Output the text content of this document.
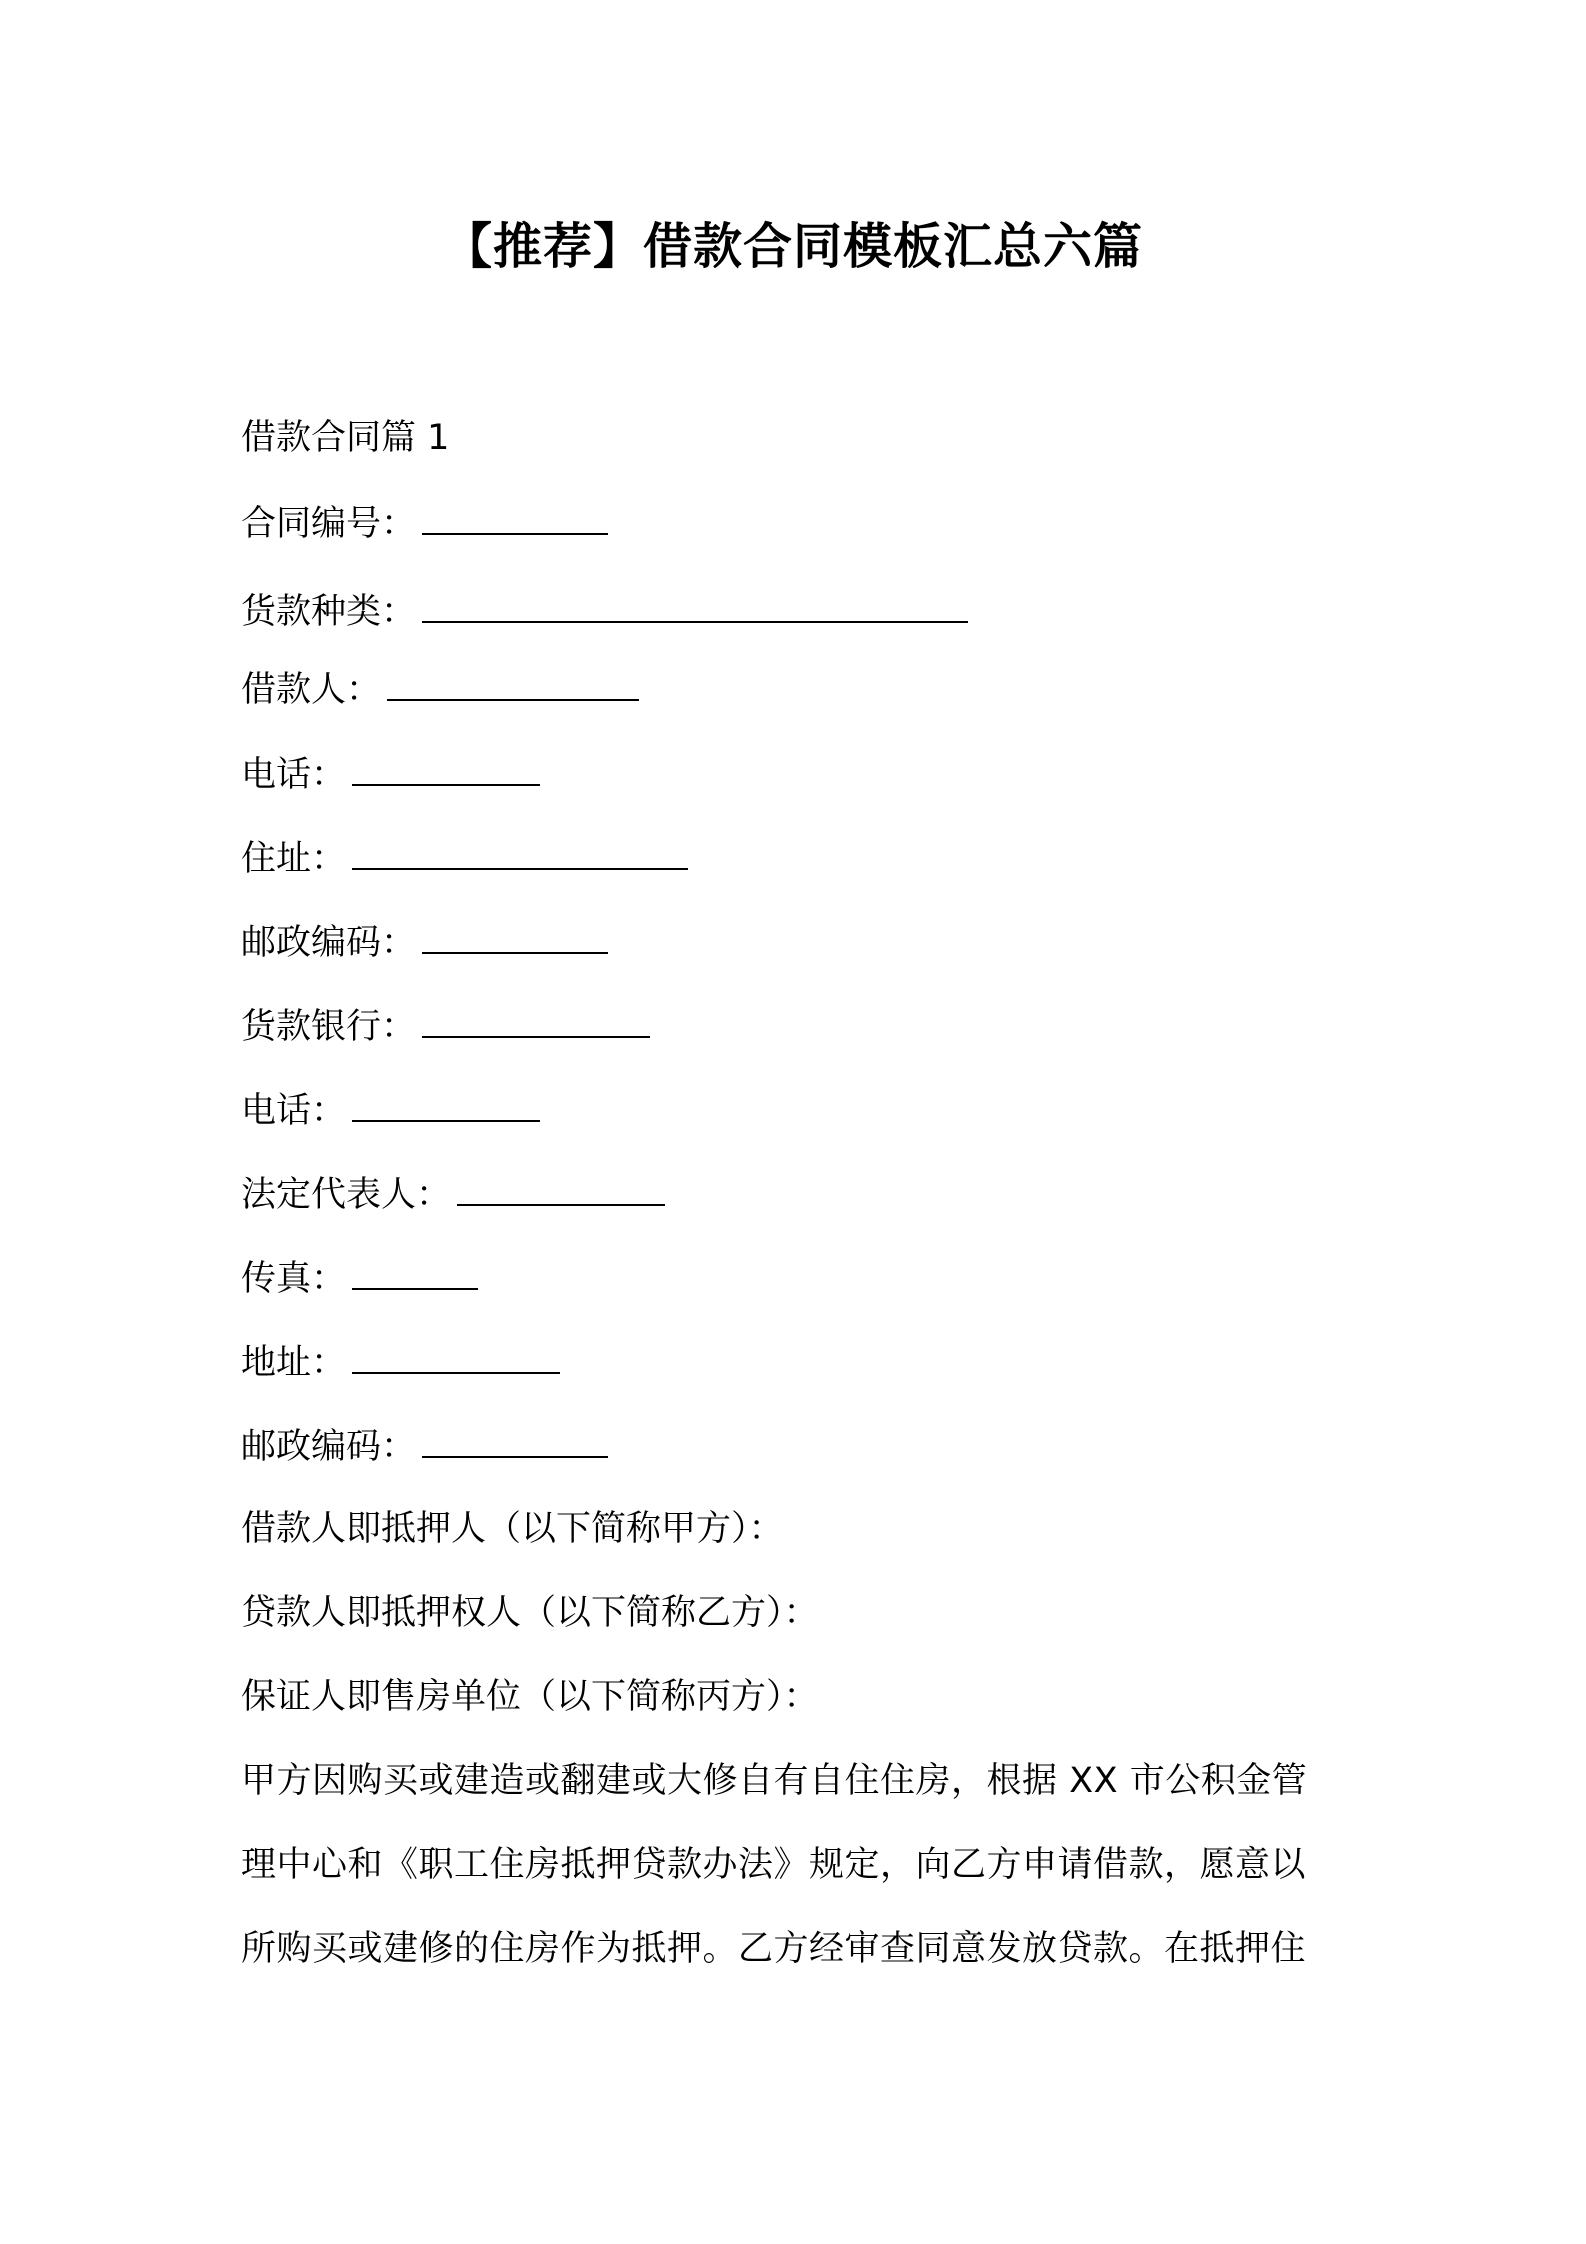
【推荐】借款合同模板汇总六篇
借款合同篇 1
合同编号：
货款种类：
借款人：
电话：
住址：
邮政编码：
货款银行：
电话：
法定代表人：
传真：
地址：
邮政编码：
借款人即抵押人（以下简称甲方）：
贷款人即抵押权人（以下简称乙方）：
保证人即售房单位（以下简称丙方）：
甲方因购买或建造或翻建或大修自有自住住房，根据 XX 市公积金管
理中心和《职工住房抵押贷款办法》规定，向乙方申请借款，愿意以
所购买或建修的住房作为抵押。乙方经审查同意发放贷款。在抵押住
